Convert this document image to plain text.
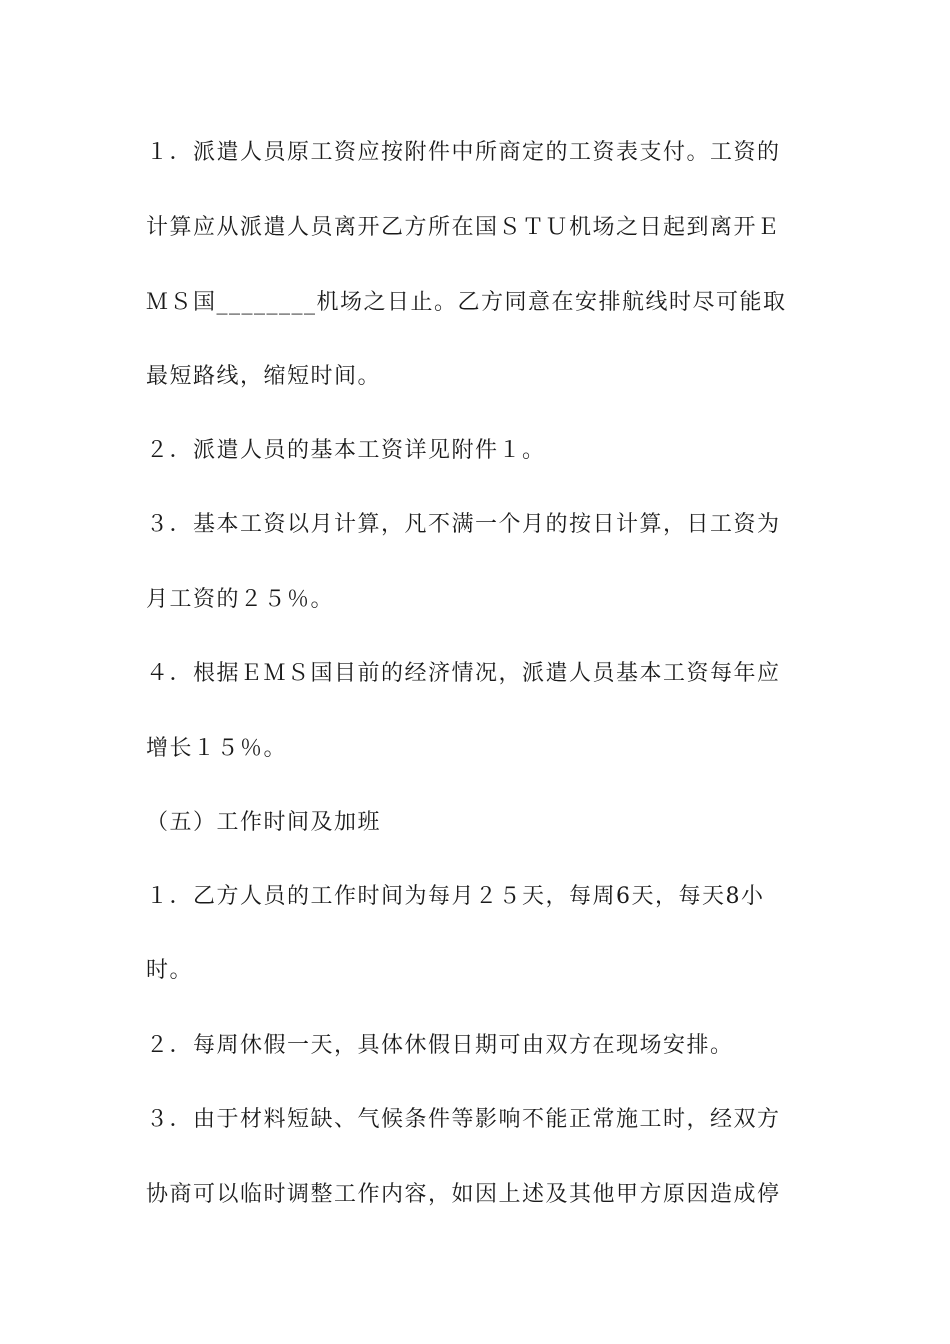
１．派遣人员原工资应按附件中所商定的工资表支付。工资的
计算应从派遣人员离开乙方所在国ＳＴＵ机场之日起到离开Ｅ
ＭＳ国________机场之日止。乙方同意在安排航线时尽可能取
最短路线，缩短时间。
２．派遣人员的基本工资详见附件１。
３．基本工资以月计算，凡不满一个月的按日计算，日工资为
月工资的２５％。
４．根据ＥＭＳ国目前的经济情况，派遣人员基本工资每年应
增长１５％。
（五）工作时间及加班
１．乙方人员的工作时间为每月２５天，每周6天，每天8小
时。
２．每周休假一天，具体休假日期可由双方在现场安排。
３．由于材料短缺、气候条件等影响不能正常施工时，经双方
协商可以临时调整工作内容，如因上述及其他甲方原因造成停
